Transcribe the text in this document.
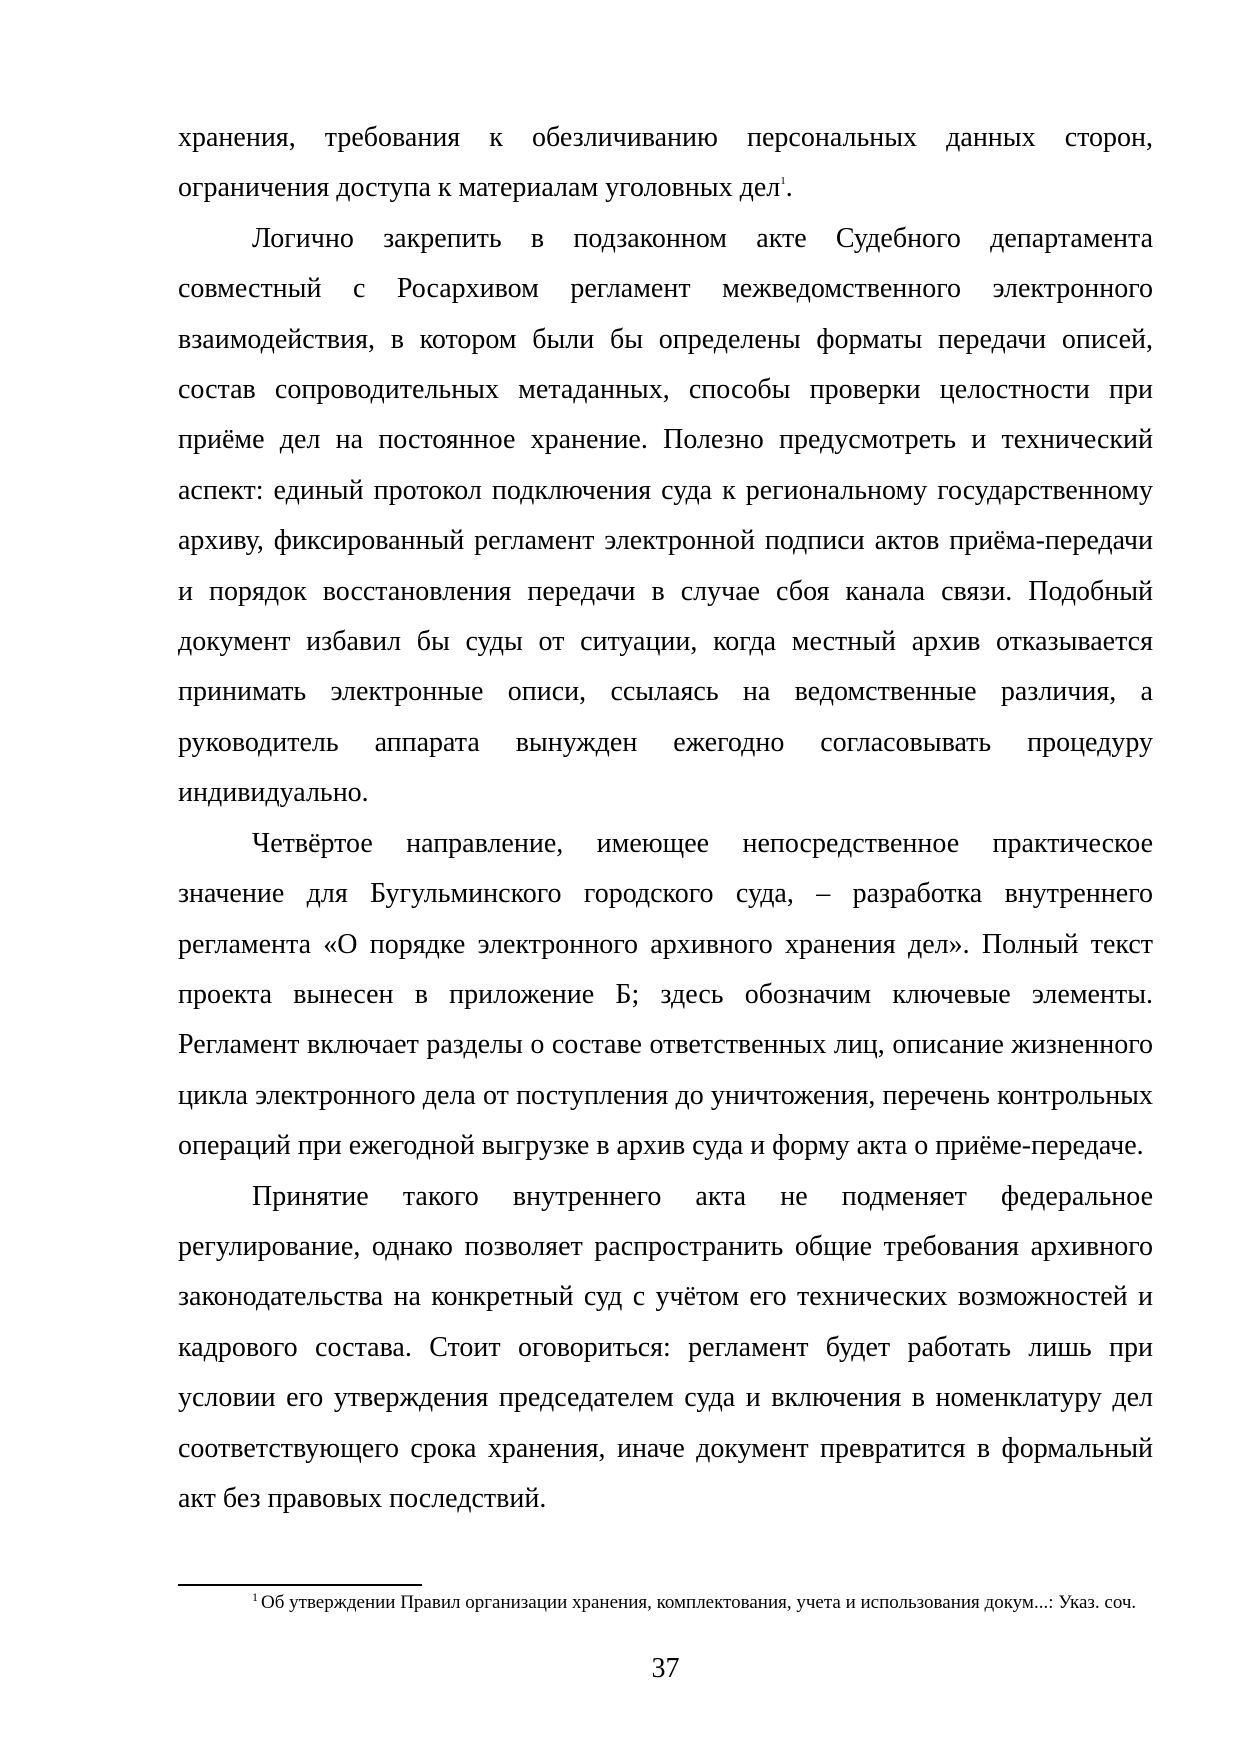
хранения, требования к обезличиванию персональных данных сторон, ограничения доступа к материалам уголовных дел$^1$.

Логично закрепить в подзаконном акте Судебного департамента совместный с Росархивом регламент межведомственного электронного взаимодействия, в котором были бы определены форматы передачи описей, состав сопроводительных метаданных, способы проверки целостности при приёме дел на постоянное хранение. Полезно предусмотреть и технический аспект: единый протокол подключения суда к региональному государственному архиву, фиксированный регламент электронной подписи актов приёма-передачи и порядок восстановления передачи в случае сбоя канала связи. Подобный документ избавил бы суды от ситуации, когда местный архив отказывается принимать электронные описи, ссылаясь на ведомственные различия, а руководитель аппарата вынужден ежегодно согласовывать процедуру индивидуально.

Четвёртое направление, имеющее непосредственное практическое значение для Бугульминского городского суда, – разработка внутреннего регламента «О порядке электронного архивного хранения дел». Полный текст проекта вынесен в приложение Б; здесь обозначим ключевые элементы. Регламент включает разделы о составе ответственных лиц, описание жизненного цикла электронного дела от поступления до уничтожения, перечень контрольных операций при ежегодной выгрузке в архив суда и форму акта о приёме-передаче.

Принятие такого внутреннего акта не подменяет федеральное регулирование, однако позволяет распространить общие требования архивного законодательства на конкретный суд с учётом его технических возможностей и кадрового состава. Стоит оговориться: регламент будет работать лишь при условии его утверждения председателем суда и включения в номенклатуру дел соответствующего срока хранения, иначе документ превратится в формальный акт без правовых последствий.

$^1$ Об утверждении Правил организации хранения, комплектования, учета и использования докум...: Указ. соч.
37
